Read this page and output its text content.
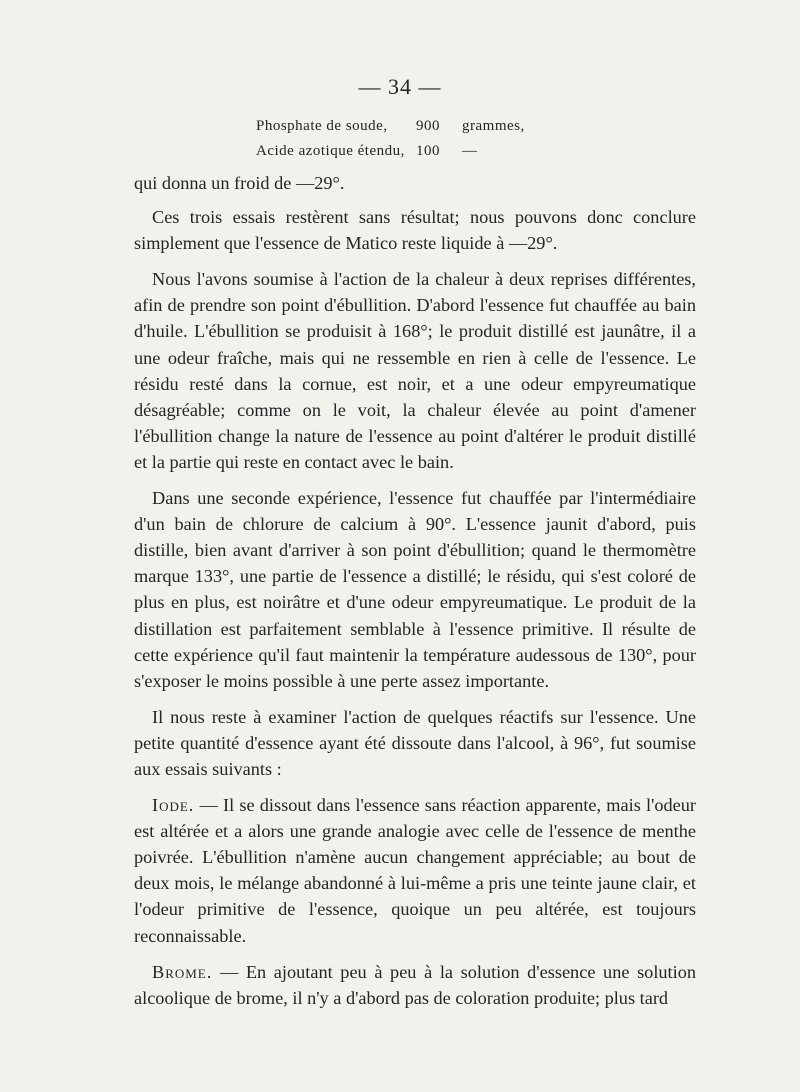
— 34 —
Phosphate de soude,	900	grammes,
Acide azotique étendu, 100	—

qui donna un froid de —29°.

Ces trois essais restèrent sans résultat; nous pouvons donc conclure simplement que l'essence de Matico reste liquide à —29°.

Nous l'avons soumise à l'action de la chaleur à deux reprises différentes, afin de prendre son point d'ébullition. D'abord l'essence fut chauffée au bain d'huile. L'ébullition se produisit à 168°; le produit distillé est jaunâtre, il a une odeur fraîche, mais qui ne ressemble en rien à celle de l'essence. Le résidu resté dans la cornue, est noir, et a une odeur empyreumatique désagréable; comme on le voit, la chaleur élevée au point d'amener l'ébullition change la nature de l'essence au point d'altérer le produit distillé et la partie qui reste en contact avec le bain.

Dans une seconde expérience, l'essence fut chauffée par l'intermédiaire d'un bain de chlorure de calcium à 90°. L'essence jaunit d'abord, puis distille, bien avant d'arriver à son point d'ébullition; quand le thermomètre marque 133°, une partie de l'essence a distillé; le résidu, qui s'est coloré de plus en plus, est noirâtre et d'une odeur empyreumatique. Le produit de la distillation est parfaitement semblable à l'essence primitive. Il résulte de cette expérience qu'il faut maintenir la température audessous de 130°, pour s'exposer le moins possible à une perte assez importante.

Il nous reste à examiner l'action de quelques réactifs sur l'essence. Une petite quantité d'essence ayant été dissoute dans l'alcool, à 96°, fut soumise aux essais suivants :

Iode. — Il se dissout dans l'essence sans réaction apparente, mais l'odeur est altérée et a alors une grande analogie avec celle de l'essence de menthe poivrée. L'ébullition n'amène aucun changement appréciable; au bout de deux mois, le mélange abandonné à lui-même a pris une teinte jaune clair, et l'odeur primitive de l'essence, quoique un peu altérée, est toujours reconnaissable.

Brome. — En ajoutant peu à peu à la solution d'essence une solution alcoolique de brome, il n'y a d'abord pas de coloration produite; plus tard
